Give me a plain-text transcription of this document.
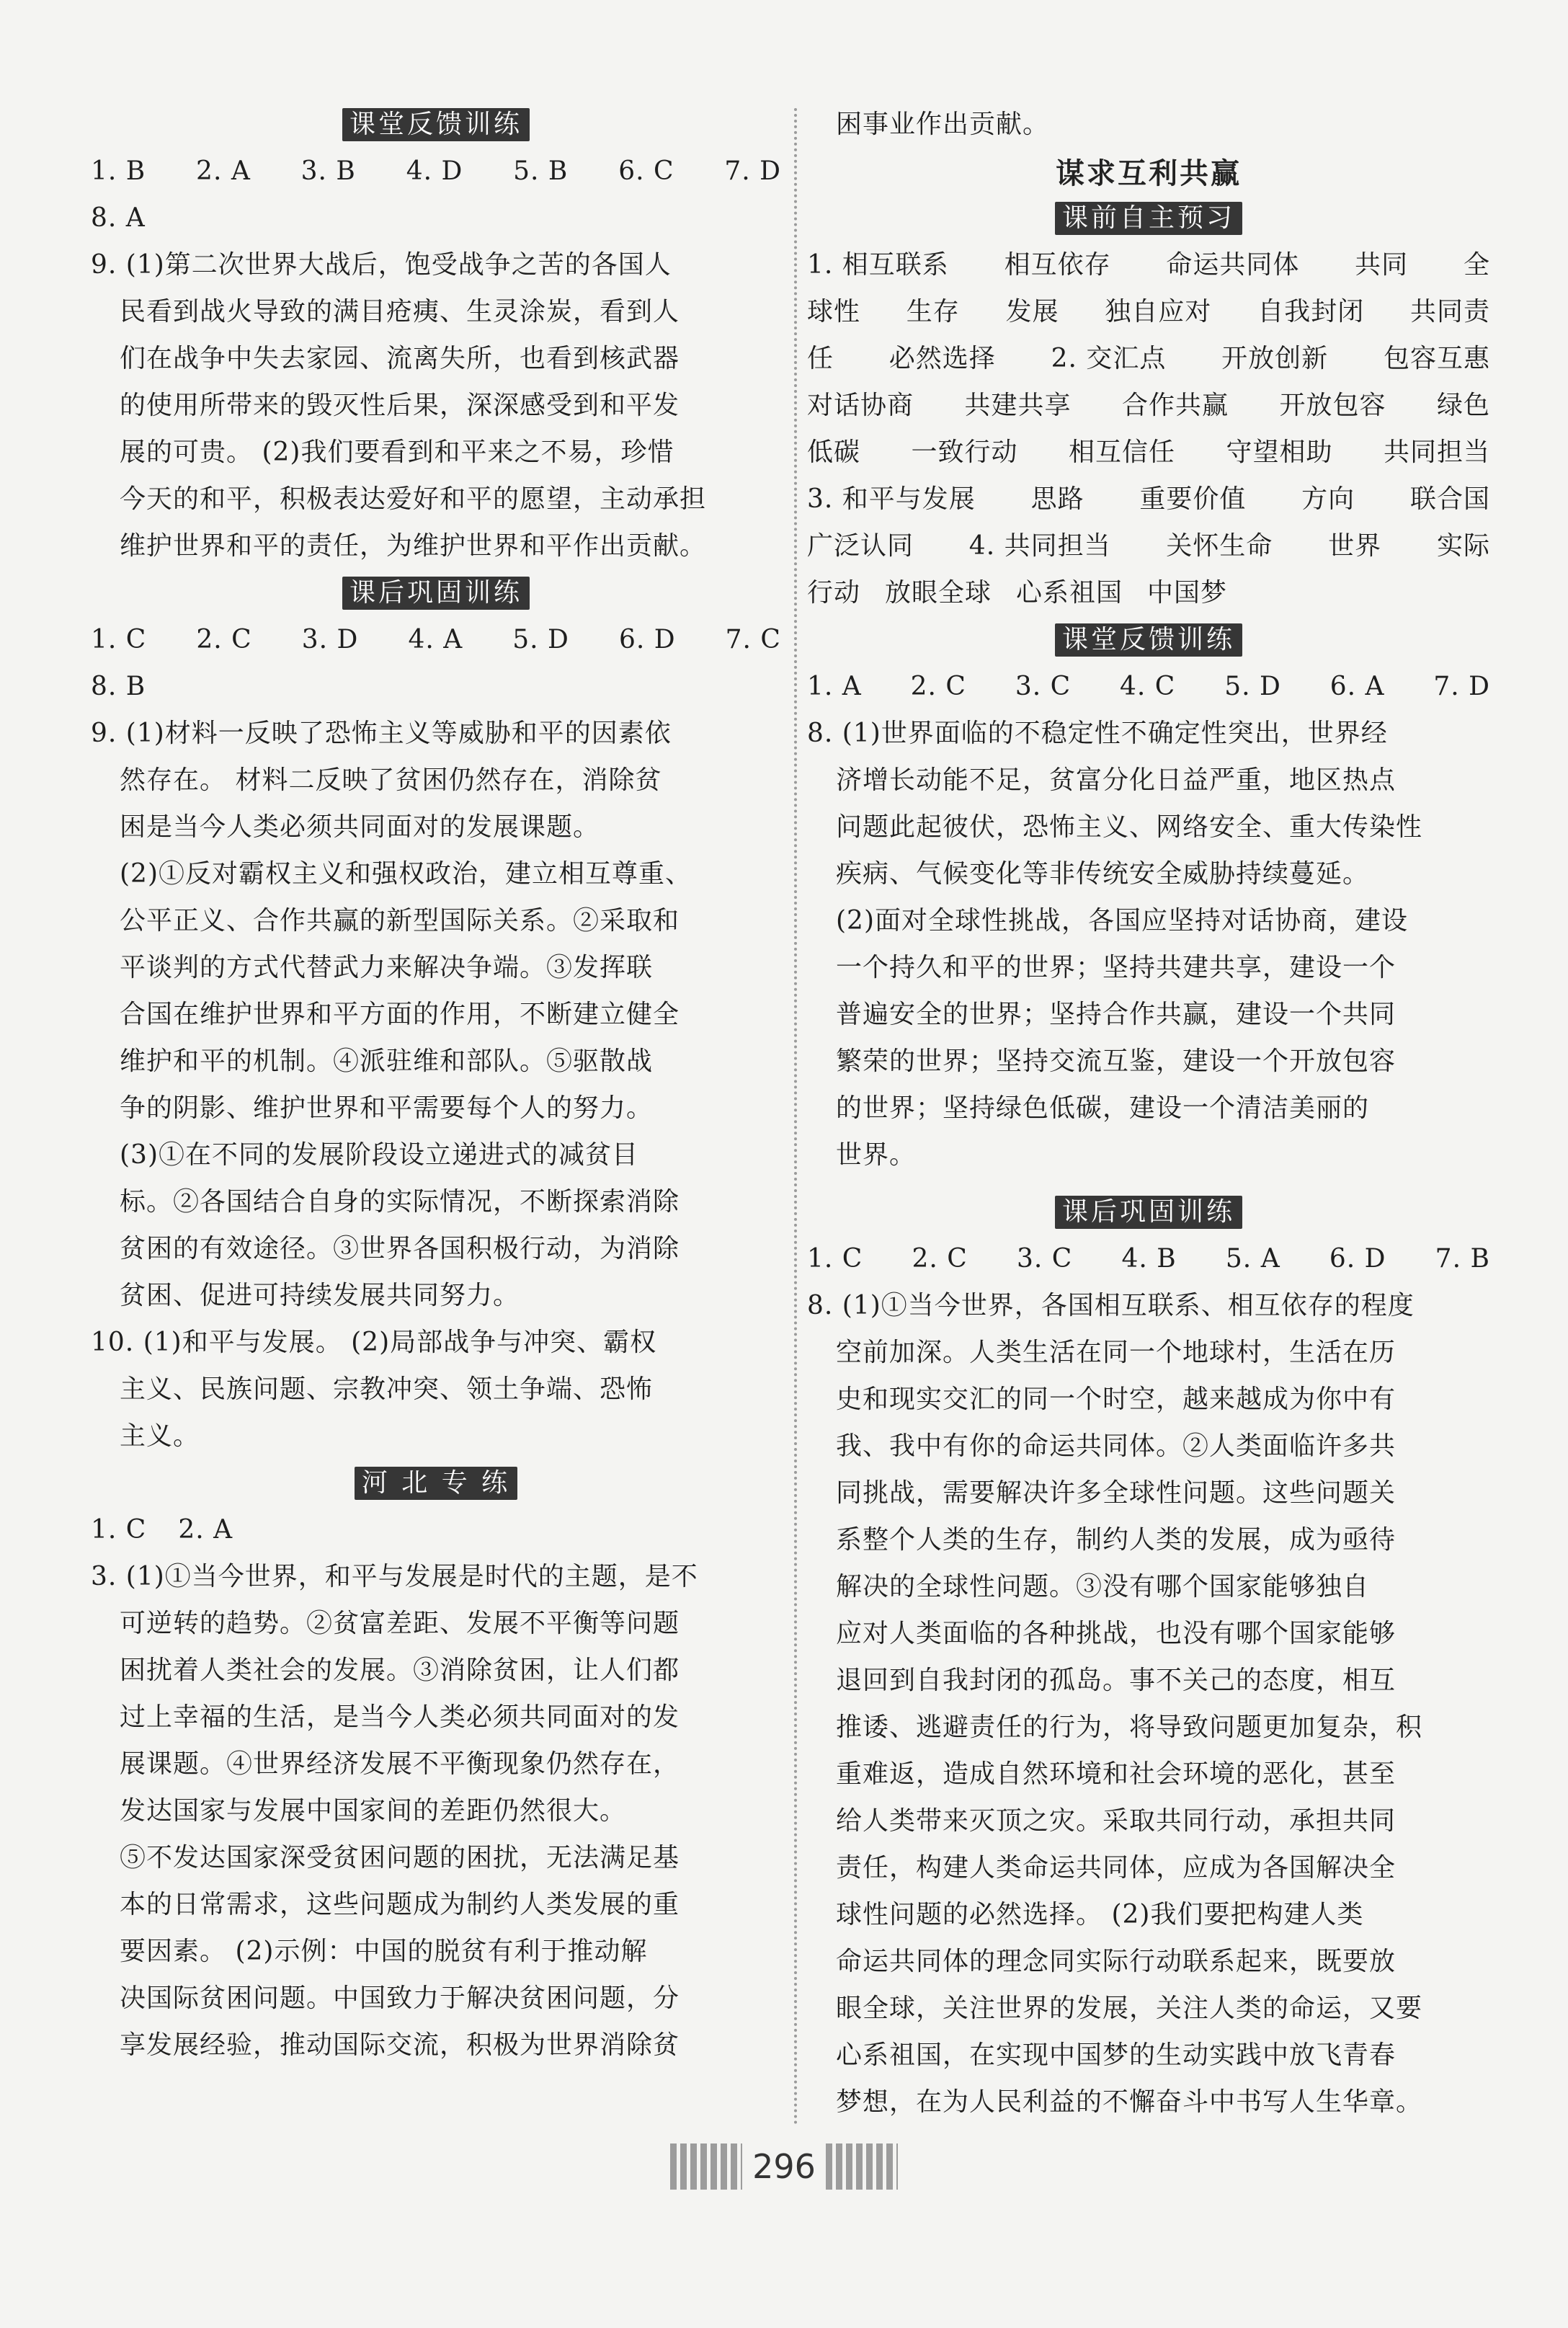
课堂反馈训练
1. B 2. A 3. B 4. D 5. B 6. C 7. D
8. A
9. (1)第二次世界大战后，饱受战争之苦的各国人
民看到战火导致的满目疮痍、生灵涂炭，看到人
们在战争中失去家园、流离失所，也看到核武器
的使用所带来的毁灭性后果，深深感受到和平发
展的可贵。 (2)我们要看到和平来之不易，珍惜
今天的和平，积极表达爱好和平的愿望，主动承担
维护世界和平的责任，为维护世界和平作出贡献。
课后巩固训练
1. C 2. C 3. D 4. A 5. D 6. D 7. C
8. B
9. (1)材料一反映了恐怖主义等威胁和平的因素依
然存在。 材料二反映了贫困仍然存在，消除贫
困是当今人类必须共同面对的发展课题。
(2)①反对霸权主义和强权政治，建立相互尊重、
公平正义、合作共赢的新型国际关系。②采取和
平谈判的方式代替武力来解决争端。③发挥联
合国在维护世界和平方面的作用，不断建立健全
维护和平的机制。④派驻维和部队。⑤驱散战
争的阴影、维护世界和平需要每个人的努力。
(3)①在不同的发展阶段设立递进式的减贫目
标。②各国结合自身的实际情况，不断探索消除
贫困的有效途径。③世界各国积极行动，为消除
贫困、促进可持续发展共同努力。
10. (1)和平与发展。 (2)局部战争与冲突、霸权
主义、民族问题、宗教冲突、领土争端、恐怖
主义。
河 北 专 练
1. C 2. A
3. (1)①当今世界，和平与发展是时代的主题，是不
可逆转的趋势。②贫富差距、发展不平衡等问题
困扰着人类社会的发展。③消除贫困，让人们都
过上幸福的生活，是当今人类必须共同面对的发
展课题。④世界经济发展不平衡现象仍然存在，
发达国家与发展中国家间的差距仍然很大。
⑤不发达国家深受贫困问题的困扰，无法满足基
本的日常需求，这些问题成为制约人类发展的重
要因素。 (2)示例：中国的脱贫有利于推动解
决国际贫困问题。中国致力于解决贫困问题，分
享发展经验，推动国际交流，积极为世界消除贫
困事业作出贡献。
谋求互利共赢
课前自主预习
1. 相互联系 相互依存 命运共同体 共同 全
球性 生存 发展 独自应对 自我封闭 共同责
任 必然选择 2. 交汇点 开放创新 包容互惠
对话协商 共建共享 合作共赢 开放包容 绿色
低碳 一致行动 相互信任 守望相助 共同担当
3. 和平与发展 思路 重要价值 方向 联合国
广泛认同 4. 共同担当 关怀生命 世界 实际
行动 放眼全球 心系祖国 中国梦
课堂反馈训练
1. A 2. C 3. C 4. C 5. D 6. A 7. D
8. (1)世界面临的不稳定性不确定性突出，世界经
济增长动能不足，贫富分化日益严重，地区热点
问题此起彼伏，恐怖主义、网络安全、重大传染性
疾病、气候变化等非传统安全威胁持续蔓延。
(2)面对全球性挑战，各国应坚持对话协商，建设
一个持久和平的世界；坚持共建共享，建设一个
普遍安全的世界；坚持合作共赢，建设一个共同
繁荣的世界；坚持交流互鉴，建设一个开放包容
的世界；坚持绿色低碳，建设一个清洁美丽的
世界。
课后巩固训练
1. C 2. C 3. C 4. B 5. A 6. D 7. B
8. (1)①当今世界，各国相互联系、相互依存的程度
空前加深。人类生活在同一个地球村，生活在历
史和现实交汇的同一个时空，越来越成为你中有
我、我中有你的命运共同体。②人类面临许多共
同挑战，需要解决许多全球性问题。这些问题关
系整个人类的生存，制约人类的发展，成为亟待
解决的全球性问题。③没有哪个国家能够独自
应对人类面临的各种挑战，也没有哪个国家能够
退回到自我封闭的孤岛。事不关己的态度，相互
推诿、逃避责任的行为，将导致问题更加复杂，积
重难返，造成自然环境和社会环境的恶化，甚至
给人类带来灭顶之灾。采取共同行动，承担共同
责任，构建人类命运共同体，应成为各国解决全
球性问题的必然选择。 (2)我们要把构建人类
命运共同体的理念同实际行动联系起来，既要放
眼全球，关注世界的发展，关注人类的命运，又要
心系祖国，在实现中国梦的生动实践中放飞青春
梦想，在为人民利益的不懈奋斗中书写人生华章。
296
